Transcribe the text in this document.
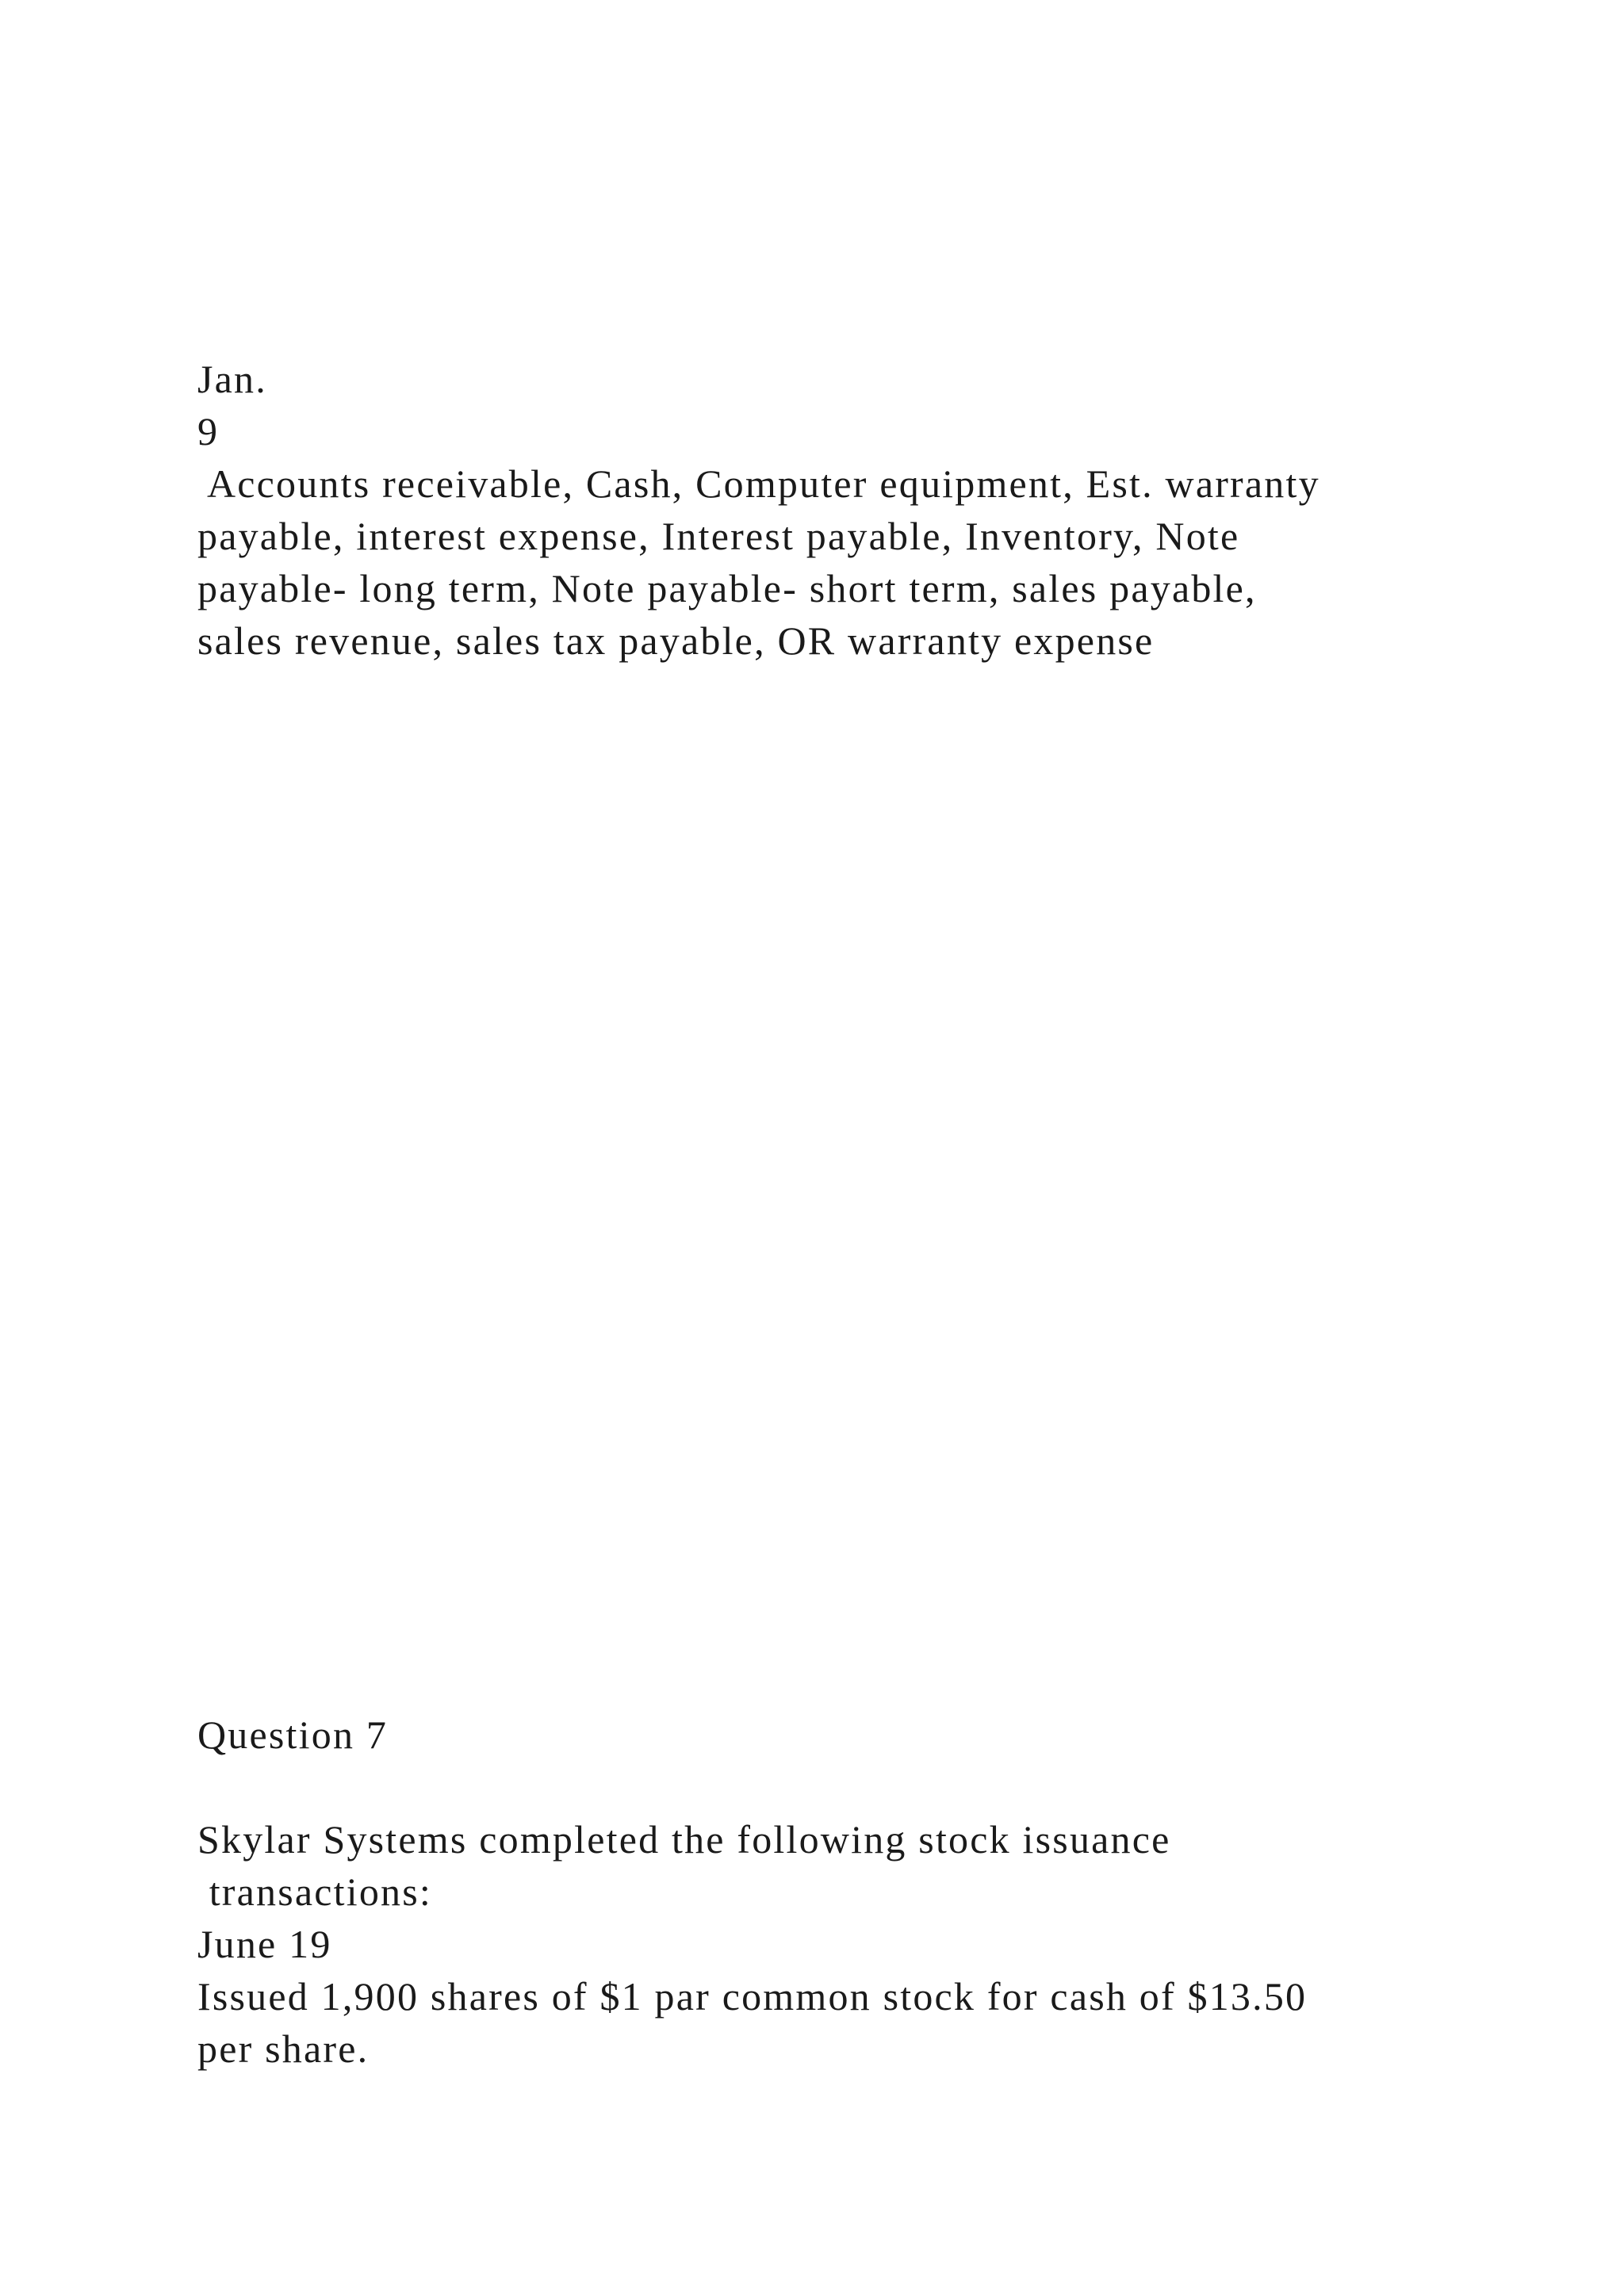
Jan.
9
Accounts receivable, Cash, Computer equipment, Est. warranty
payable, interest expense, Interest payable, Inventory, Note
payable- long term, Note payable- short term, sales payable,
sales revenue, sales tax payable, OR warranty expense
Question 7
Skylar Systems completed the following stock issuance
transactions:
June 19
Issued 1,900 shares of $1 par common stock for cash of $13.50
per share.
